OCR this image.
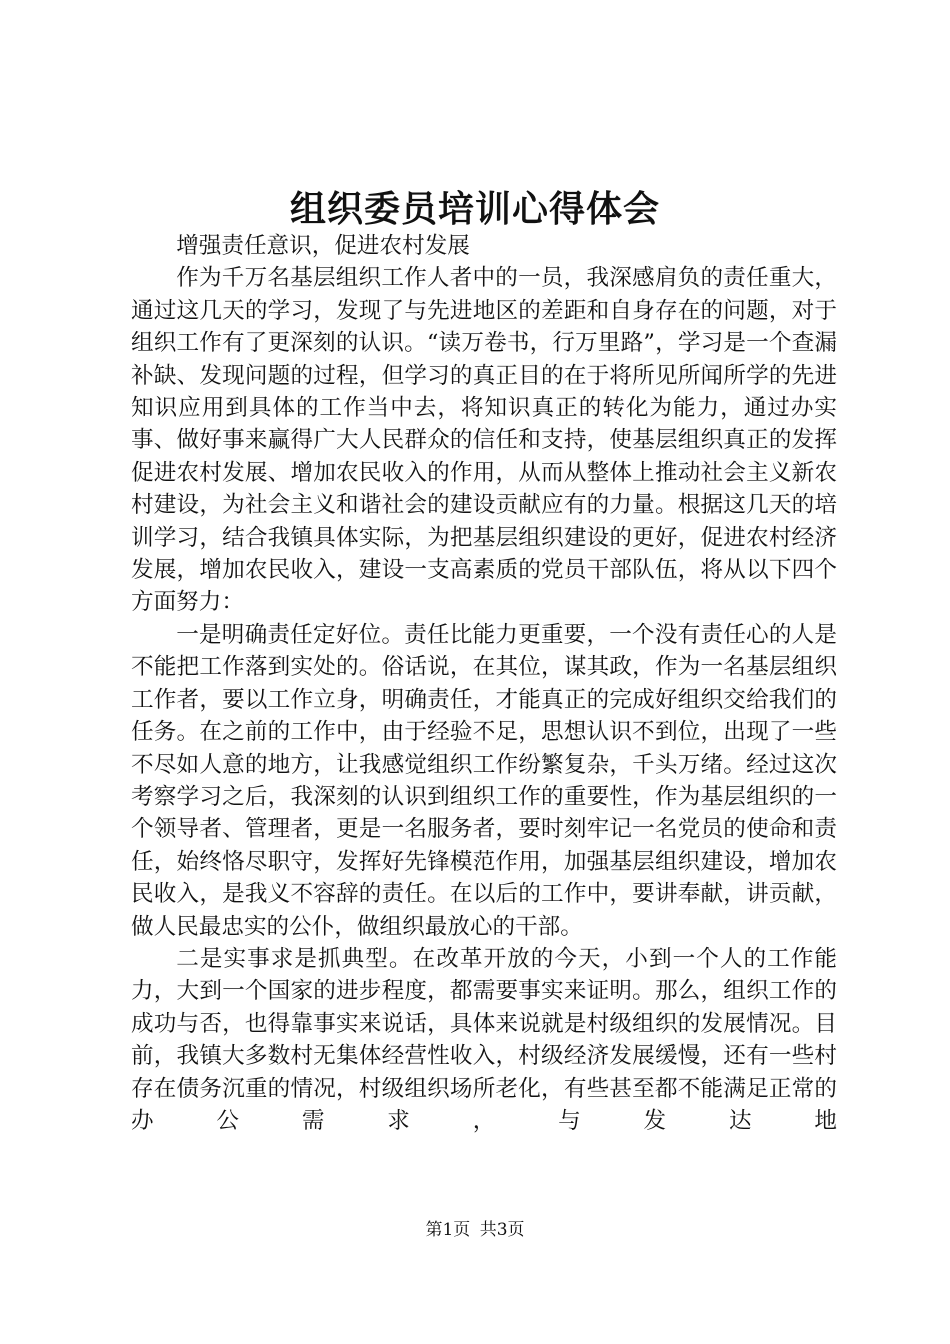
组织委员培训心得体会

增强责任意识，促进农村发展

作为千万名基层组织工作人者中的一员，我深感肩负的责任重大，通过这几天的学习，发现了与先进地区的差距和自身存在的问题，对于组织工作有了更深刻的认识。“读万卷书，行万里路”，学习是一个查漏补缺、发现问题的过程，但学习的真正目的在于将所见所闻所学的先进知识应用到具体的工作当中去，将知识真正的转化为能力，通过办实事、做好事来赢得广大人民群众的信任和支持，使基层组织真正的发挥促进农村发展、增加农民收入的作用，从而从整体上推动社会主义新农村建设，为社会主义和谐社会的建设贡献应有的力量。根据这几天的培训学习，结合我镇具体实际，为把基层组织建设的更好，促进农村经济发展，增加农民收入，建设一支高素质的党员干部队伍，将从以下四个方面努力：

一是明确责任定好位。责任比能力更重要，一个没有责任心的人是不能把工作落到实处的。俗话说，在其位，谋其政，作为一名基层组织工作者，要以工作立身，明确责任，才能真正的完成好组织交给我们的任务。在之前的工作中，由于经验不足，思想认识不到位，出现了一些不尽如人意的地方，让我感觉组织工作纷繁复杂，千头万绪。经过这次考察学习之后，我深刻的认识到组织工作的重要性，作为基层组织的一个领导者、管理者，更是一名服务者，要时刻牢记一名党员的使命和责任，始终恪尽职守，发挥好先锋模范作用，加强基层组织建设，增加农民收入，是我义不容辞的责任。在以后的工作中，要讲奉献，讲贡献，做人民最忠实的公仆，做组织最放心的干部。

二是实事求是抓典型。在改革开放的今天，小到一个人的工作能力，大到一个国家的进步程度，都需要事实来证明。那么，组织工作的成功与否，也得靠事实来说话，具体来说就是村级组织的发展情况。目前，我镇大多数村无集体经营性收入，村级经济发展缓慢，还有一些村存在债务沉重的情况，村级组织场所老化，有些甚至都不能满足正常的办公需求，与发达地

第1页 共3页
